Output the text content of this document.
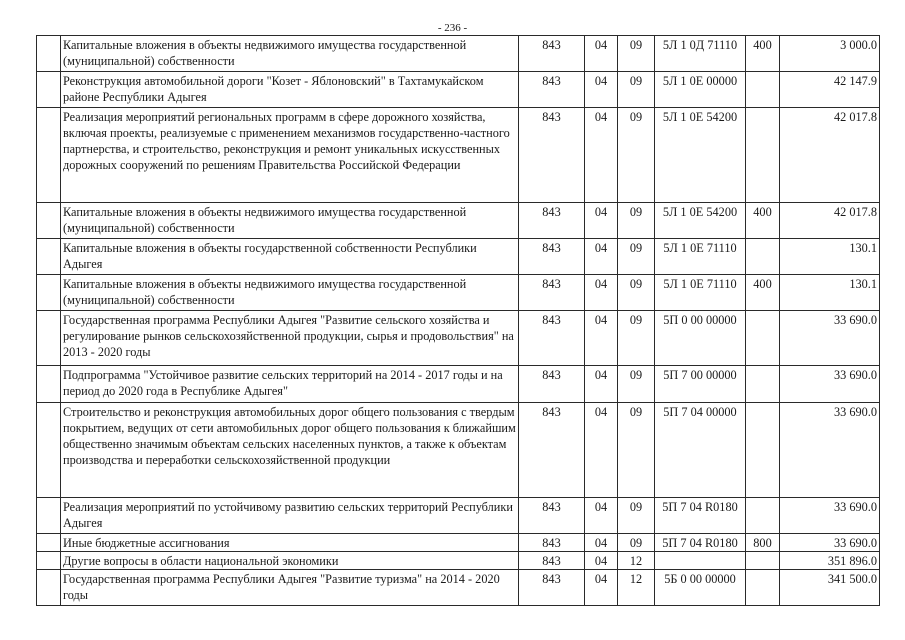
- 236 -
	Капитальные вложения в объекты недвижимого имущества государственной (муниципальной) собственности	843	04	09	5Л 1 0Д 71110	400	3 000.0
	Реконструкция автомобильной дороги "Козет - Яблоновский" в Тахтамукайском районе Республики Адыгея	843	04	09	5Л 1 0Е 00000		42 147.9
	Реализация мероприятий региональных программ в сфере дорожного хозяйства, включая проекты, реализуемые с применением механизмов государственно-частного партнерства, и строительство, реконструкция и ремонт уникальных искусственных дорожных сооружений по решениям Правительства Российской Федерации	843	04	09	5Л 1 0Е 54200		42 017.8
	Капитальные вложения в объекты недвижимого имущества государственной (муниципальной) собственности	843	04	09	5Л 1 0Е 54200	400	42 017.8
	Капитальные вложения в объекты государственной собственности Республики Адыгея	843	04	09	5Л 1 0Е 71110		130.1
	Капитальные вложения в объекты недвижимого имущества государственной (муниципальной) собственности	843	04	09	5Л 1 0Е 71110	400	130.1
	Государственная программа Республики Адыгея "Развитие сельского хозяйства и регулирование рынков сельскохозяйственной продукции, сырья и продовольствия" на 2013 - 2020 годы	843	04	09	5П 0 00 00000		33 690.0
	Подпрограмма "Устойчивое развитие сельских территорий на 2014 - 2017 годы и на период до 2020 года в Республике Адыгея"	843	04	09	5П 7 00 00000		33 690.0
	Строительство и реконструкция автомобильных дорог общего пользования с твердым покрытием, ведущих от сети автомобильных дорог общего пользования к ближайшим общественно значимым объектам сельских населенных пунктов, а также к объектам производства и переработки сельскохозяйственной продукции	843	04	09	5П 7 04 00000		33 690.0
	Реализация мероприятий по устойчивому развитию сельских территорий Республики Адыгея	843	04	09	5П 7 04 R0180		33 690.0
	Иные бюджетные ассигнования	843	04	09	5П 7 04 R0180	800	33 690.0
	Другие вопросы в области национальной экономики	843	04	12			351 896.0
	Государственная программа Республики Адыгея "Развитие туризма" на 2014 - 2020 годы	843	04	12	5Б 0 00 00000		341 500.0
